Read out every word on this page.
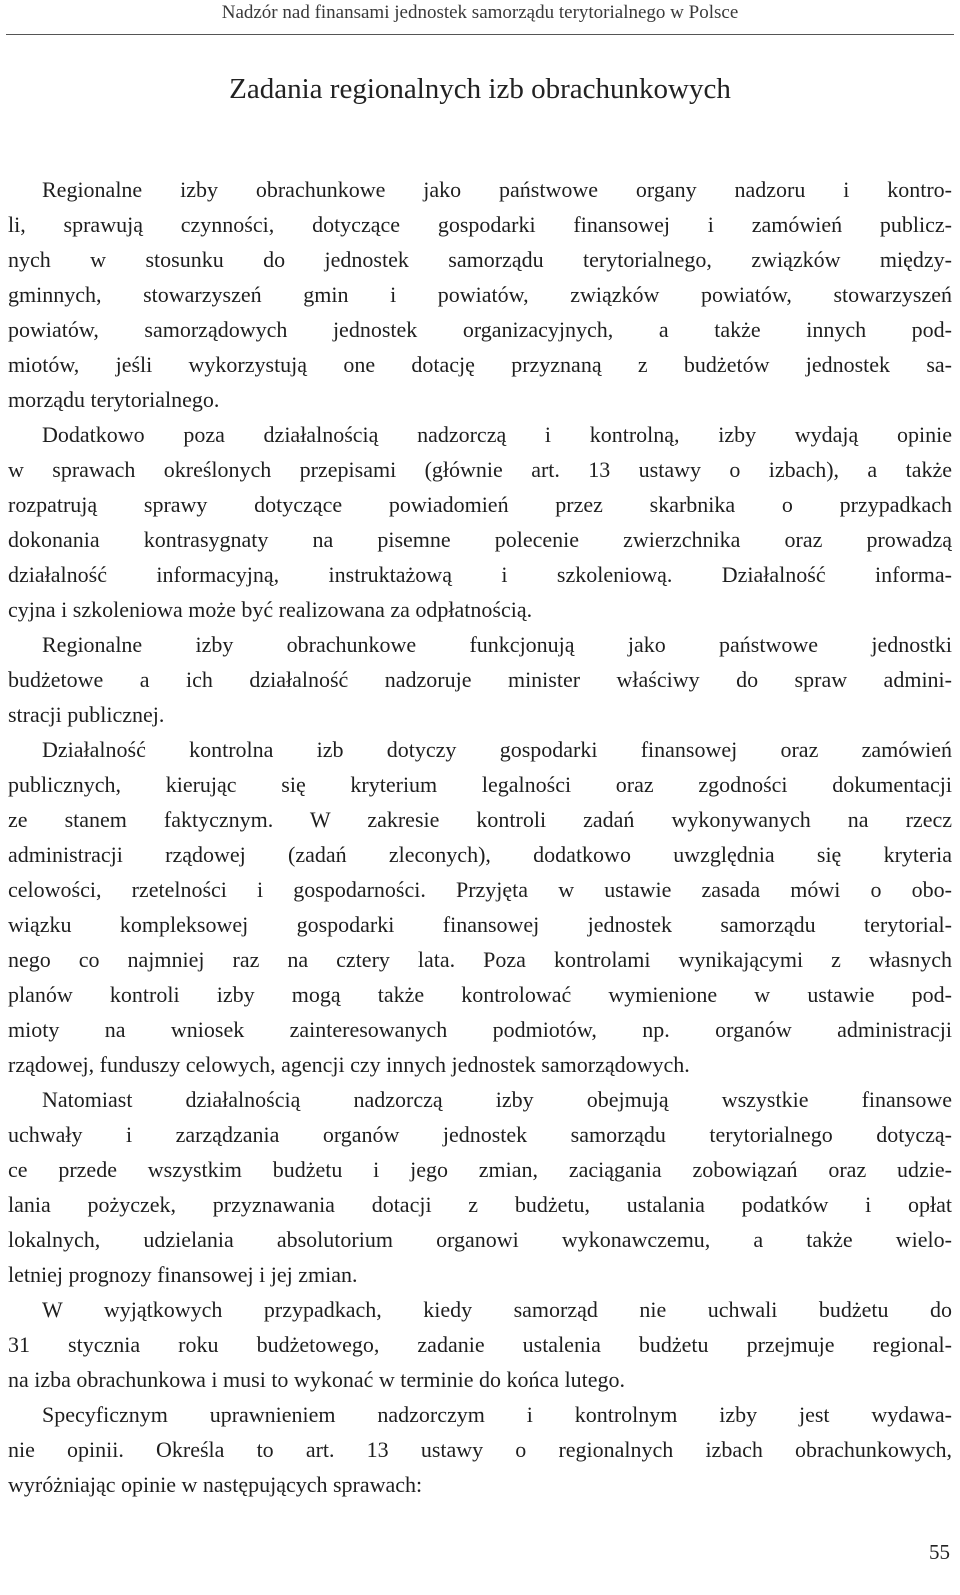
Nadzór nad finansami jednostek samorządu terytorialnego w Polsce
Zadania regionalnych izb obrachunkowych
Regionalne izby obrachunkowe jako państwowe organy nadzoru i kontro-
li, sprawują czynności, dotyczące gospodarki finansowej i zamówień publicz-
nych w stosunku do jednostek samorządu terytorialnego, związków między-
gminnych, stowarzyszeń gmin i powiatów, związków powiatów, stowarzyszeń
powiatów, samorządowych jednostek organizacyjnych, a także innych pod-
miotów, jeśli wykorzystują one dotację przyznaną z budżetów jednostek sa-
morządu terytorialnego.
Dodatkowo poza działalnością nadzorczą i kontrolną, izby wydają opinie
w sprawach określonych przepisami (głównie art. 13 ustawy o izbach), a także
rozpatrują sprawy dotyczące powiadomień przez skarbnika o przypadkach
dokonania kontrasygnaty na pisemne polecenie zwierzchnika oraz prowadzą
działalność informacyjną, instruktażową i szkoleniową. Działalność informa-
cyjna i szkoleniowa może być realizowana za odpłatnością.
Regionalne izby obrachunkowe funkcjonują jako państwowe jednostki
budżetowe a ich działalność nadzoruje minister właściwy do spraw admini-
stracji publicznej.
Działalność kontrolna izb dotyczy gospodarki finansowej oraz zamówień
publicznych, kierując się kryterium legalności oraz zgodności dokumentacji
ze stanem faktycznym. W zakresie kontroli zadań wykonywanych na rzecz
administracji rządowej (zadań zleconych), dodatkowo uwzględnia się kryteria
celowości, rzetelności i gospodarności. Przyjęta w ustawie zasada mówi o obo-
wiązku kompleksowej gospodarki finansowej jednostek samorządu terytorial-
nego co najmniej raz na cztery lata. Poza kontrolami wynikającymi z własnych
planów kontroli izby mogą także kontrolować wymienione w ustawie pod-
mioty na wniosek zainteresowanych podmiotów, np. organów administracji
rządowej, funduszy celowych, agencji czy innych jednostek samorządowych.
Natomiast działalnością nadzorczą izby obejmują wszystkie finansowe
uchwały i zarządzania organów jednostek samorządu terytorialnego dotyczą-
ce przede wszystkim budżetu i jego zmian, zaciągania zobowiązań oraz udzie-
lania pożyczek, przyznawania dotacji z budżetu, ustalania podatków i opłat
lokalnych, udzielania absolutorium organowi wykonawczemu, a także wielo-
letniej prognozy finansowej i jej zmian.
W wyjątkowych przypadkach, kiedy samorząd nie uchwali budżetu do
31 stycznia roku budżetowego, zadanie ustalenia budżetu przejmuje regional-
na izba obrachunkowa i musi to wykonać w terminie do końca lutego.
Specyficznym uprawnieniem nadzorczym i kontrolnym izby jest wydawa-
nie opinii. Określa to art. 13 ustawy o regionalnych izbach obrachunkowych,
wyróżniając opinie w następujących sprawach:
55
